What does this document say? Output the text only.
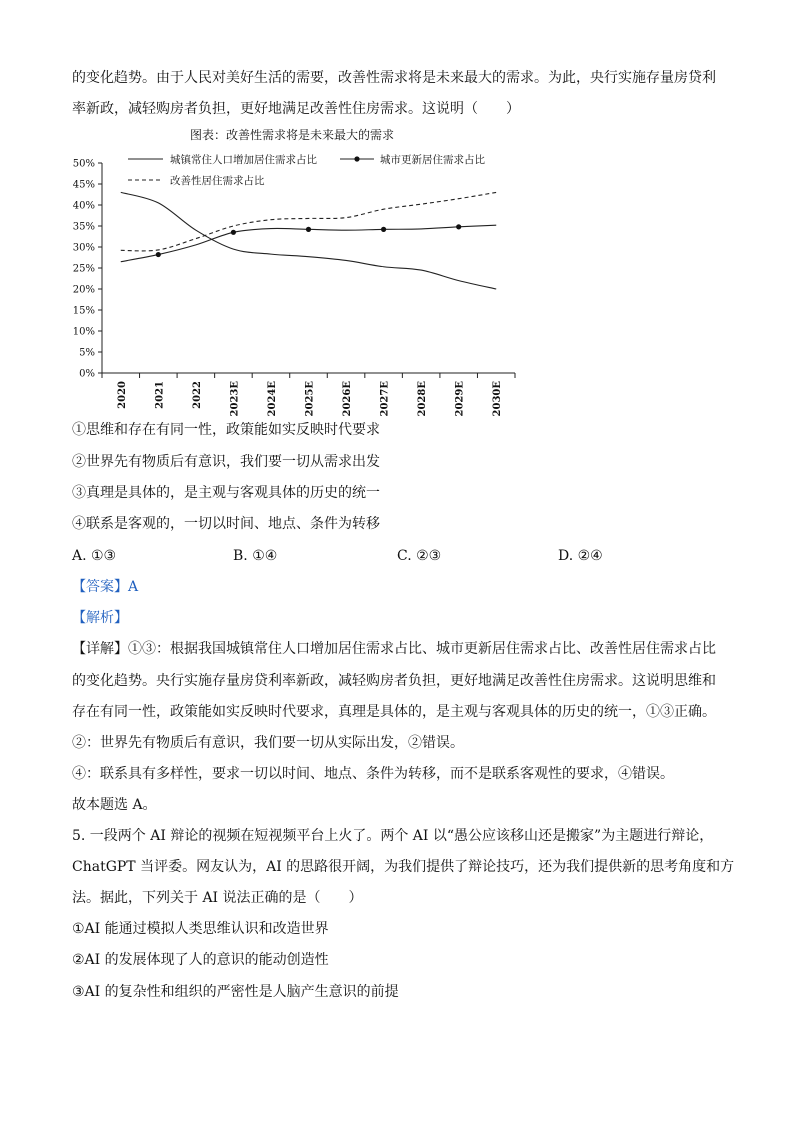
的变化趋势。由于人民对美好生活的需要，改善性需求将是未来最大的需求。为此，央行实施存量房贷利
率新政，减轻购房者负担，更好地满足改善性住房需求。这说明（　　）
图表：改善性需求将是未来最大的需求
0%
5%
10%
15%
20%
25%
30%
35%
40%
45%
50%
2020	2021	2022	2023E	2024E	2025E	2026E	2027E	2028E	2029E	2030E
城镇常住人口增加居住需求占比	城市更新居住需求占比
改善性居住需求占比
①思维和存在有同一性，政策能如实反映时代要求
②世界先有物质后有意识，我们要一切从需求出发
③真理是具体的，是主观与客观具体的历史的统一
④联系是客观的，一切以时间、地点、条件为转移
A. ①③	B. ①④	C. ②③	D. ②④
【答案】A
【解析】
【详解】①③：根据我国城镇常住人口增加居住需求占比、城市更新居住需求占比、改善性居住需求占比
的变化趋势。央行实施存量房贷利率新政，减轻购房者负担，更好地满足改善性住房需求。这说明思维和
存在有同一性，政策能如实反映时代要求，真理是具体的，是主观与客观具体的历史的统一，①③正确。
②：世界先有物质后有意识，我们要一切从实际出发，②错误。
④：联系具有多样性，要求一切以时间、地点、条件为转移，而不是联系客观性的要求，④错误。
故本题选 A。
5. 一段两个 AI 辩论的视频在短视频平台上火了。两个 AI 以“愚公应该移山还是搬家”为主题进行辩论，
ChatGPT 当评委。网友认为，AI 的思路很开阔，为我们提供了辩论技巧，还为我们提供新的思考角度和方
法。据此，下列关于 AI 说法正确的是（　　）
①AI 能通过模拟人类思维认识和改造世界
②AI 的发展体现了人的意识的能动创造性
③AI 的复杂性和组织的严密性是人脑产生意识的前提
